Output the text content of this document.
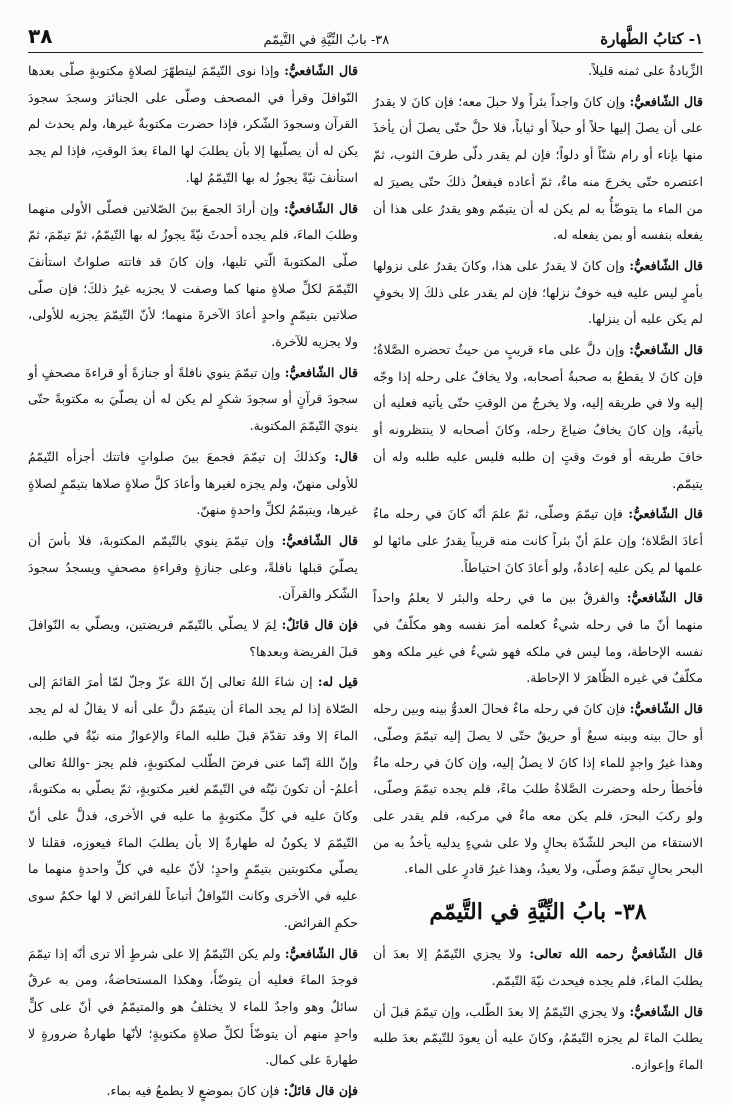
١- كتابُ الطَّهارة
٣٨- بابُ النِّيَّةِ في التَّيمّم
٣٨

الزِّيادةُ على ثمنه قليلاً.

قال الشّافعيُّ: وإن كانَ واجداً بئراً ولا حبلَ معه؛ فإن كانَ لا يقدرُ على أن يصلَ إليها حلاً أو حبلاً أو ثياباً، فلا حلَّ حتّى يصلَ أن يأخذَ منها بإناء أو رام شنّاً أو دلواً؛ فإن لم يقدر دلّى طرفَ الثوب، ثمّ اعتصره حتّى يخرجَ منه ماءٌ، ثمّ أعاده فيفعلُ ذلكَ حتّى يصيرَ له من الماء ما يتوضّأُ به لم يكن له أن يتيمّم وهو يقدرُ على هذا أن يفعله بنفسه أو بمن يفعله له.

قال الشّافعيُّ: وإن كانَ لا يقدرُ على هذا، وكانَ يقدرُ على نزولها بأمرٍ ليس عليه فيه خوفٌ نزلها؛ فإن لم يقدر على ذلكَ إلا بخوفٍ لم يكن عليه أن ينزلها.

قال الشّافعيُّ: وإن دلَّ على ماء قريبٍ من حيثُ تحضره الصَّلاةُ؛ فإن كانَ لا يقطعُ به صحبةُ أصحابه، ولا يخافُ على رحله إذا وجّه إليه ولا في طريقه إليه، ولا يخرجُ من الوقتِ حتّى يأتيه فعليه أن يأتيهُ، وإن كانَ يخافُ ضياعَ رحله، وكانَ أصحابه لا ينتظرونه أو خافَ طريقه أو فوتَ وقتٍ إن طلبه فليس عليه طلبه وله أن يتيمّم.

قال الشّافعيُّ: فإن تيمّمَ وصلّى، ثمّ علمَ أنّه كانَ في رحله ماءٌ أعادَ الصَّلاة؛ وإن علمَ أنّ بئراً كانت منه قريباً يقدرُ على مائها لو علمها لم يكن عليه إعادةٌ، ولو أعادَ كانَ احتياطاً.

قال الشّافعيُّ: والفرقُ بين ما في رحله والبئر لا يعلمُ واحداً منهما أنّ ما في رحله شيءٌ كعلمه أمرَ نفسه وهو مكلّفٌ في نفسه الإحاطة، وما ليس في ملكه فهو شيءٌ في غير ملكه وهو مكلّفٌ في غيره الظّاهرَ لا الإحاطة.

قال الشّافعيُّ: فإن كانَ في رحله ماءٌ فحالَ العدوُّ بينه وبين رحله أو حالَ بينه وبينه سبعٌ أو حريقٌ حتّى لا يصلَ إليه تيمّمَ وصلّى، وهذا غيرُ واجدٍ للماء إذا كانَ لا يصلُ إليه، وإن كانَ في رحله ماءٌ فأخطأ رحله وحضرت الصَّلاةُ طلبَ ماءً، فلم يجده تيمّمَ وصلّى، ولو ركبَ البحرَ، فلم يكن معه ماءٌ في مركبه، فلم يقدر على الاستقاء من البحر للشّدّة بحالٍ ولا على شيءٍ يدليه يأخذُ به من البحر بحالٍ تيمّمَ وصلّى، ولا يعيدُ، وهذا غيرُ قادرٍ على الماء.

٣٨- بابُ النِّيَّةِ في التَّيمّم

قال الشّافعيُّ رحمه الله تعالى: ولا يجزي التّيمّمُ إلا بعدَ أن يطلبَ الماءَ، فلم يجده فيحدث نيّةَ التّيمّم.

قال الشّافعيُّ: ولا يجزي التّيمّمُ إلا بعدَ الطّلب، وإن تيمّمَ قبلَ أن يطلبَ الماءَ لم يجزه التّيمّمُ، وكانَ عليه أن يعودَ للتّيمّم بعدَ طلبه الماءَ وإعوازه.

قال الشّافعيُّ: وإذا نوى التّيمّمَ ليتطهّرَ لصلاةٍ مكتوبةٍ صلّى بعدها النّوافلَ وقرأ في المصحف وصلّى على الجنائز وسجدَ سجودَ القرآن وسجودَ الشّكر، فإذا حضرت مكتوبةٌ غيرها، ولم يحدث لم يكن له أن يصلّيها إلا بأن يطلبَ لها الماءَ بعدَ الوقتِ، فإذا لم يجد استأنفَ نيّةً يجوزُ له بها التّيمّمُ لها.

قال الشّافعيُّ: وإن أرادَ الجمعَ بينَ الصّلاتين فصلّى الأولى منهما وطلبَ الماءَ، فلم يجده أحدثَ نيّةً يجوزُ له بها التّيمّمُ، ثمّ تيمّمَ، ثمّ صلّى المكتوبةَ الّتي تليها، وإن كانَ قد فاتته صلواتٌ استأنفَ التّيمّمَ لكلِّ صلاةٍ منها كما وصفت لا يجزيه غيرُ ذلكَ؛ فإن صلّى صلاتين بتيمّمٍ واحدٍ أعادَ الآخرةَ منهما؛ لأنّ التّيمّمَ يجزيه للأولى، ولا يجزيه للآخرة.

قال الشّافعيُّ: وإن تيمّمَ ينوي نافلةً أو جنازةً أو قراءةَ مصحفٍ أو سجودَ قرآنٍ أو سجودَ شكرٍ لم يكن له أن يصلّيَ به مكتوبةً حتّى ينويَ التّيمّمَ المكتوبة.

قال: وكذلكَ إن تيمّمَ فجمعَ بينَ صلواتٍ فاتتك أجزأه التّيمّمُ للأولى منهنّ، ولم يجزه لغيرها وأعادَ كلَّ صلاةٍ صلاها بتيمّمٍ لصلاةٍ غيرها، ويتيمّمُ لكلِّ واحدةٍ منهنّ.

قال الشّافعيُّ: وإن تيمّمَ ينوي بالتّيمّم المكتوبةَ، فلا بأسَ أن يصلّيَ قبلها نافلةً، وعلى جنازةٍ وقراءةِ مصحفٍ ويسجدُ سجودَ الشّكر والقرآن.

فإن قال قائلٌ: لِمَ لا يصلّي بالتّيمّم فريضتين، ويصلّي به النّوافلَ قبلَ الفريضة وبعدها؟

قيل له: إن شاءَ اللهُ تعالى إنّ اللهَ عزّ وجلّ لمّا أمرَ القائمَ إلى الصّلاة إذا لم يجد الماءَ أن يتيمّمَ دلَّ على أنه لا يقالُ له لم يجد الماءَ إلا وقد تقدّمَ قبلَ طلبه الماءَ والإعوازُ منه نيّةٌ في طلبه، وإنّ اللهَ إنّما عنى فرضَ الطّلب لمكتوبةٍ، فلم يجز -واللهُ تعالى أعلمُ- أن تكونَ نيّتُه في التّيمّم لغير مكتوبةٍ، ثمّ يصلّي به مكتوبةً، وكانَ عليه في كلِّ مكتوبةٍ ما عليه في الأخرى، فدلَّ على أنّ التّيمّمَ لا يكونُ له طهارةٌ إلا بأن يطلبَ الماءَ فيعوزه، فقلنا لا يصلّي مكتوبتين بتيمّمٍ واحدٍ؛ لأنّ عليه في كلِّ واحدةٍ منهما ما عليه في الأخرى وكانت النّوافلُ أتباعاً للفرائض لا لها حكمٌ سوى حكمِ الفرائض.

قال الشّافعيُّ: ولم يكن التّيمّمُ إلا على شرطٍ ألا ترى أنّه إذا تيمّمَ فوجدَ الماءَ فعليه أن يتوضّأَ، وهكذا المستحاضةُ، ومن به عرقٌ سائلٌ وهو واجدٌ للماء لا يختلفُ هو والمتيمّمُ في أنّ على كلٍّ واحدٍ منهم أن يتوضّأَ لكلِّ صلاةٍ مكتوبةٍ؛ لأنّها طهارةُ ضرورةٍ لا طهارةَ على كمال.

فإن قال قائلٌ: فإن كانَ بموضعٍ لا يطمعُ فيه بماء.
